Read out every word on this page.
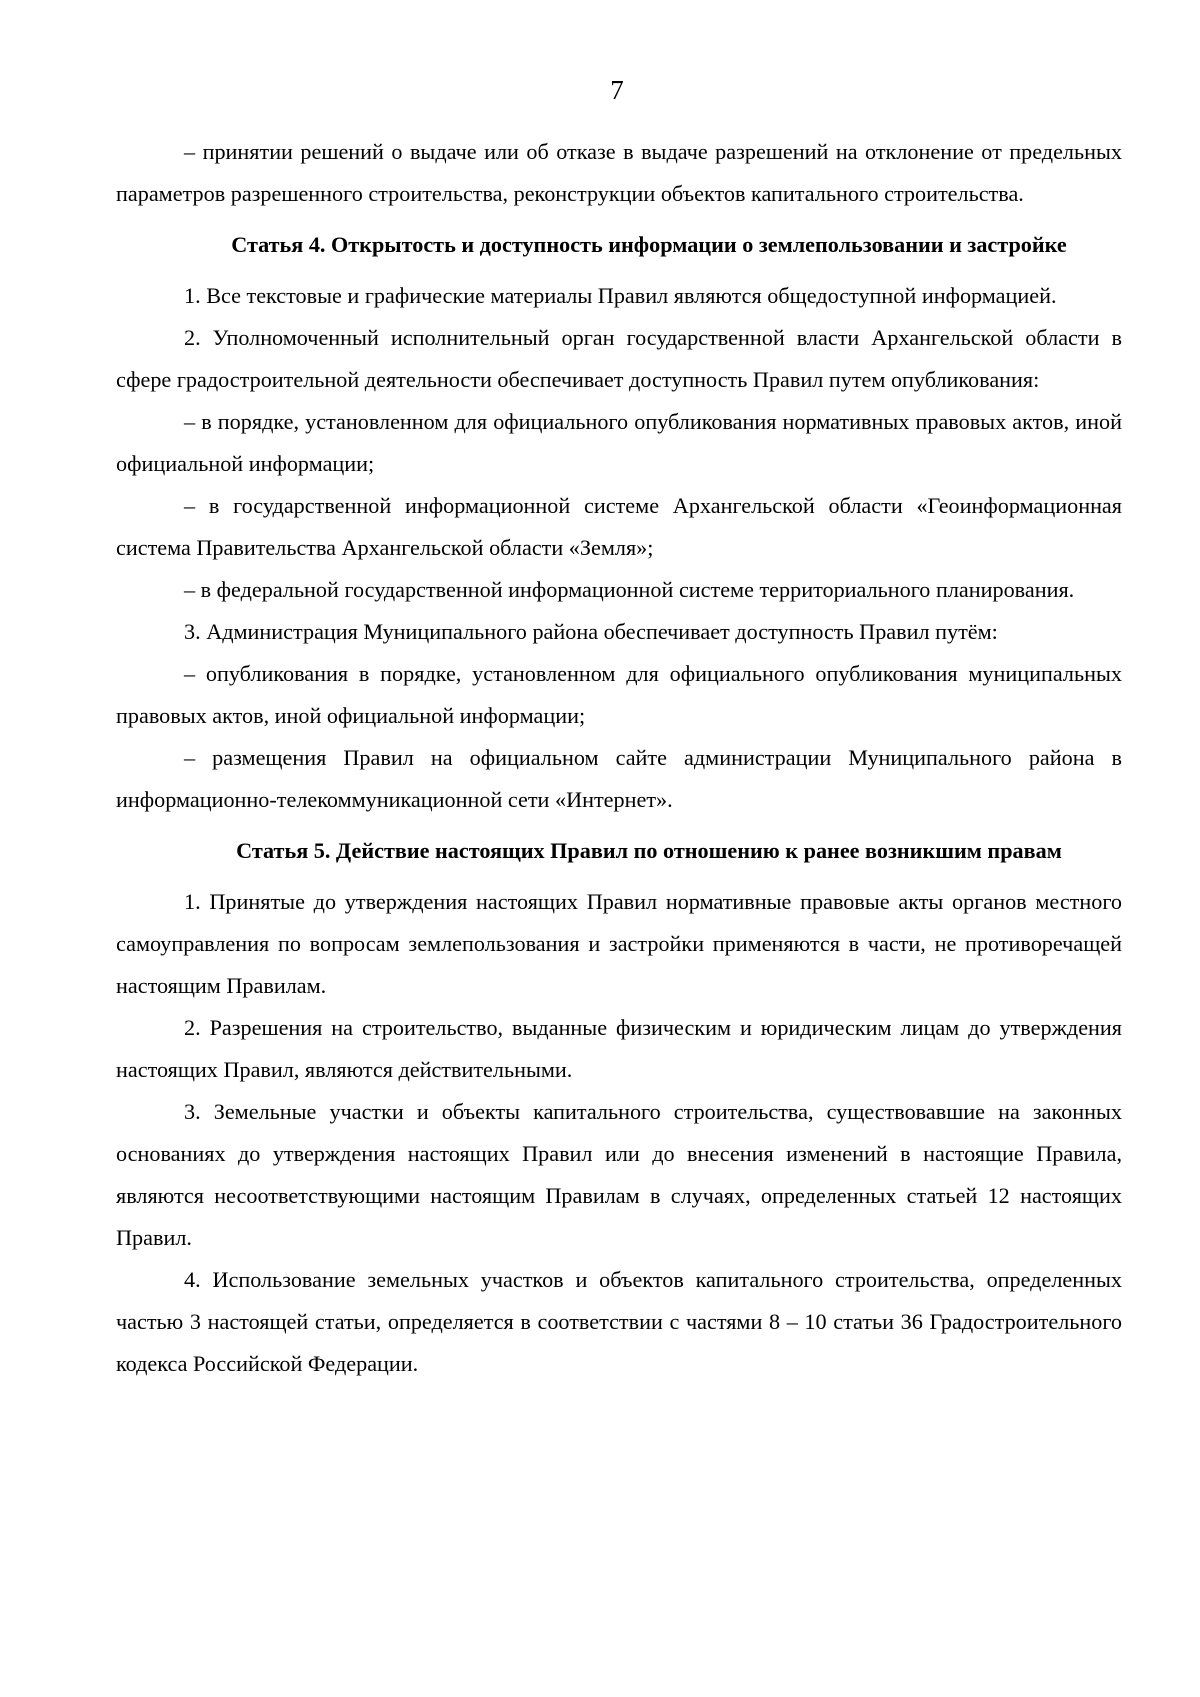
7

– принятии решений о выдаче или об отказе в выдаче разрешений на отклонение от предельных параметров разрешенного строительства, реконструкции объектов капитального строительства.

Статья 4. Открытость и доступность информации о землепользовании и застройке

1. Все текстовые и графические материалы Правил являются общедоступной информацией.

2. Уполномоченный исполнительный орган государственной власти Архангельской области в сфере градостроительной деятельности обеспечивает доступность Правил путем опубликования:

– в порядке, установленном для официального опубликования нормативных правовых актов, иной официальной информации;

– в государственной информационной системе Архангельской области «Геоинформационная система Правительства Архангельской области «Земля»;

– в федеральной государственной информационной системе территориального планирования.

3. Администрация Муниципального района обеспечивает доступность Правил путём:

– опубликования в порядке, установленном для официального опубликования муниципальных правовых актов, иной официальной информации;

– размещения Правил на официальном сайте администрации Муниципального района в информационно-телекоммуникационной сети «Интернет».

Статья 5. Действие настоящих Правил по отношению к ранее возникшим правам

1. Принятые до утверждения настоящих Правил нормативные правовые акты органов местного самоуправления по вопросам землепользования и застройки применяются в части, не противоречащей настоящим Правилам.

2. Разрешения на строительство, выданные физическим и юридическим лицам до утверждения настоящих Правил, являются действительными.

3. Земельные участки и объекты капитального строительства, существовавшие на законных основаниях до утверждения настоящих Правил или до внесения изменений в настоящие Правила, являются несоответствующими настоящим Правилам в случаях, определенных статьей 12 настоящих Правил.

4. Использование земельных участков и объектов капитального строительства, определенных частью 3 настоящей статьи, определяется в соответствии с частями 8 – 10 статьи 36 Градостроительного кодекса Российской Федерации.
